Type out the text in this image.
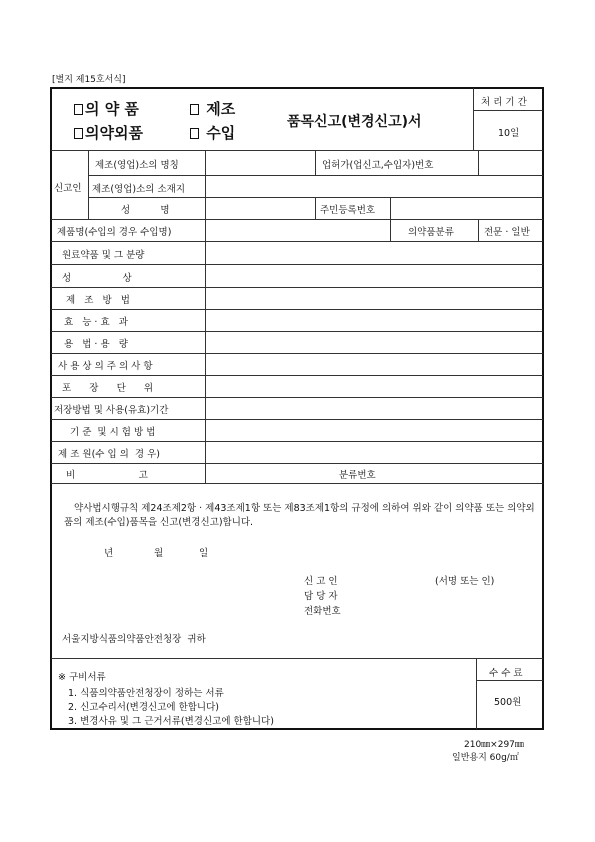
[별지 제15호서식]
의 약 품	제조
의약외품	수입
품목신고(변경신고)서
처 리 기 간
10일
신고인
제조(영업)소의 명칭	업허가(업신고,수입자)번호
제조(영업)소의 소재지
성          명	주민등록번호
제품명(수입의 경우 수입명)	의약품분류	전문 · 일반
원료약품 및 그 분량
성                 상
제   조   방   법
효   능 · 효   과
용   법 · 용   량
사 용 상 의 주 의 사 항
포      장      단      위
저장방법 및 사용(유효)기간
기 준  및 시 험 방 법
제 조 원(수 입 의  경 우)
비                     고	분류번호
약사법시행규칙 제24조제2항 · 제43조제1항 또는 제83조제1항의 규정에 의하여 위와 같이 의약품 또는 의약외품의 제조(수입)품목을 신고(변경신고)합니다.
년	월	일
신 고 인	(서명 또는 인)
담 당 자
전화번호
서울지방식품의약품안전청장  귀하
※ 구비서류
1. 식품의약품안전청장이 정하는 서류
2. 신고수리서(변경신고에 한합니다)
3. 변경사유 및 그 근거서류(변경신고에 한합니다)
수 수 료
500원
210㎜×297㎜
일반용지 60g/㎡
